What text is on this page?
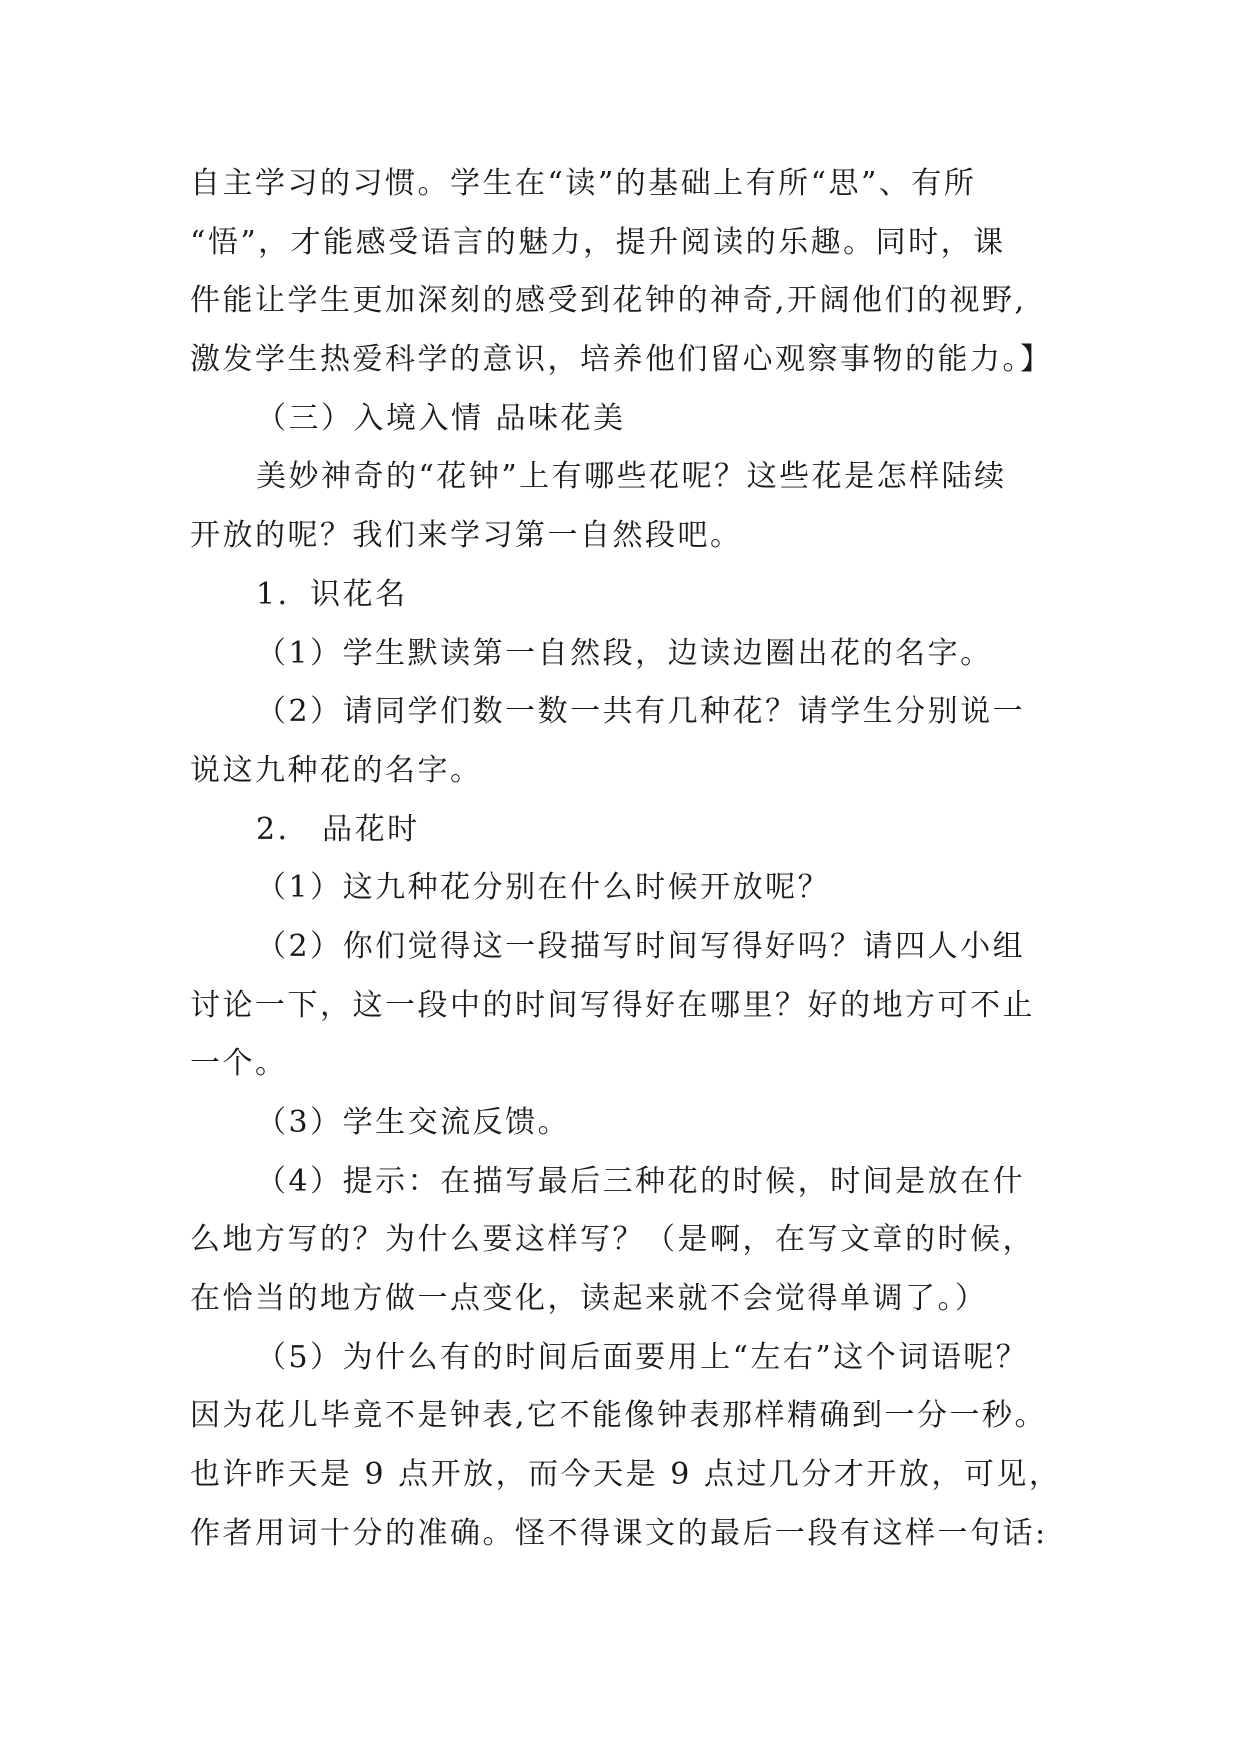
自主学习的习惯。学生在“读”的基础上有所“思”、有所
“悟”，才能感受语言的魅力，提升阅读的乐趣。同时，课
件能让学生更加深刻的感受到花钟的神奇,开阔他们的视野,
激发学生热爱科学的意识，培养他们留心观察事物的能力。】
（三）入境入情 品味花美
美妙神奇的“花钟”上有哪些花呢？这些花是怎样陆续
开放的呢？我们来学习第一自然段吧。
1．识花名
（1）学生默读第一自然段，边读边圈出花的名字。
（2）请同学们数一数一共有几种花？请学生分别说一
说这九种花的名字。
2． 品花时
（1）这九种花分别在什么时候开放呢？
（2）你们觉得这一段描写时间写得好吗？请四人小组
讨论一下，这一段中的时间写得好在哪里？好的地方可不止
一个。
（3）学生交流反馈。
（4）提示：在描写最后三种花的时候，时间是放在什
么地方写的？为什么要这样写？（是啊，在写文章的时候，
在恰当的地方做一点变化，读起来就不会觉得单调了。）
（5）为什么有的时间后面要用上“左右”这个词语呢？
因为花儿毕竟不是钟表,它不能像钟表那样精确到一分一秒。
也许昨天是 9 点开放，而今天是 9 点过几分才开放，可见，
作者用词十分的准确。怪不得课文的最后一段有这样一句话:
